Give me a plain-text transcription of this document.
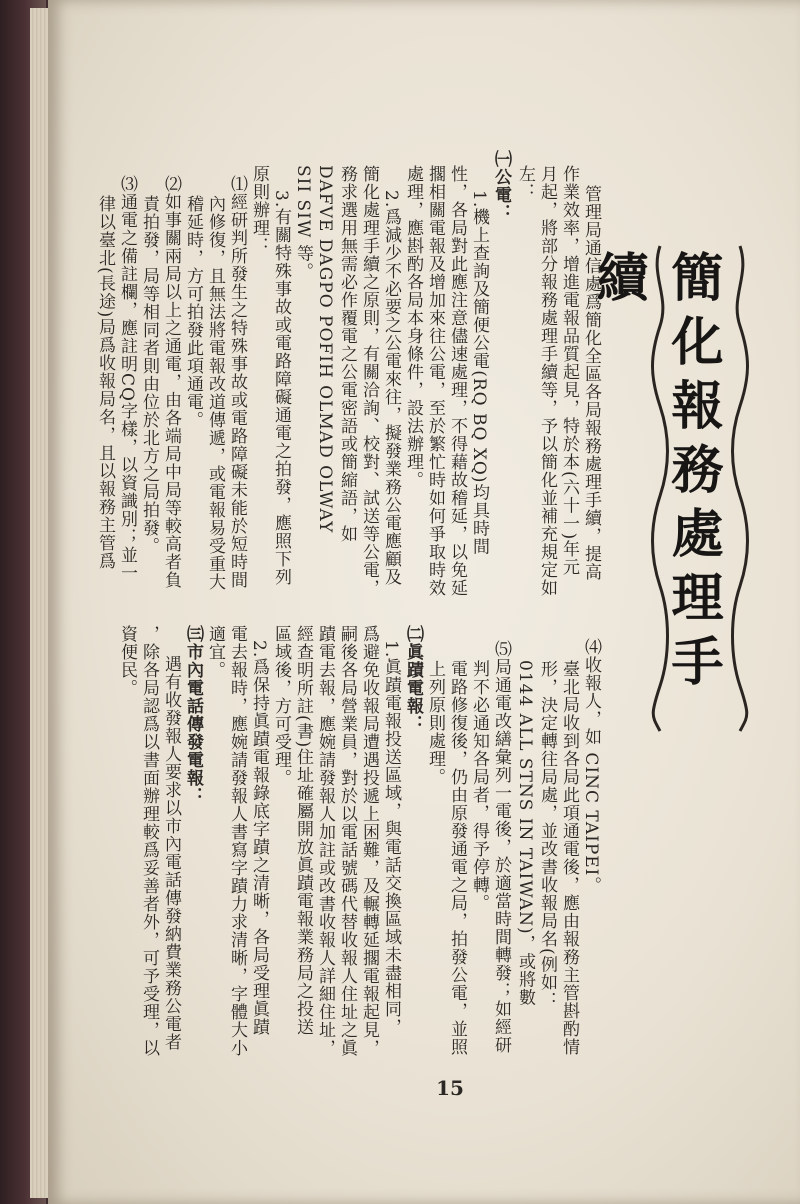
簡化報務處理手續
管理局通信處爲簡化全區各局報務處理手續，提高
作業效率，增進電報品質起見，特於本(六十一)年元
月起，將部分報務處理手續等，予以簡化並補充規定如
左：
㈠公電：
1.機上查詢及簡便公電(RQ BQ XQ)均具時間
性，各局對此應注意儘速處理，不得藉故稽延，以免延
擱相關電報及增加來往公電，至於繁忙時如何爭取時效
處理，應斟酌各局本身條件，設法辦理。
2.爲減少不必要之公電來往，擬發業務公電應顧及
簡化處理手續之原則，有關洽詢、校對、試送等公電，
務求選用無需必作覆電之公電密語或簡縮語，如
DAFVE DAGPO POFIH OLMAD OLWAY
SII SIW 等。
3.有關特殊事故或電路障礙通電之拍發，應照下列
原則辦理：
⑴經研判所發生之特殊事故或電路障礙未能於短時間
內修復，且無法將電報改道傳遞，或電報易受重大
稽延時，方可拍發此項通電。
⑵如事關兩局以上之通電，由各端局中局等較高者負
責拍發，局等相同者則由位於北方之局拍發。
⑶通電之備註欄，應註明CQ字樣，以資識別；並一
律以臺北(長途)局爲收報局名，且以報務主管爲
⑷收報人，如 CINC TAIPEI。
臺北局收到各局此項通電後，應由報務主管斟酌情
形，決定轉往局處，並改書收報局名(例如：
0144 ALL STNS IN TAIWAN)，或將數
⑸局通電改繕彙列一電後，於適當時間轉發；如經研
判不必通知各局者，得予停轉。
電路修復後，仍由原發通電之局，拍發公電，並照
上列原則處理。
㈡眞蹟電報：
1.眞蹟電報投送區域，與電話交換區域未盡相同，
爲避免收報局遭遇投遞上困難，及輾轉延擱電報起見，
嗣後各局營業員，對於以電話號碼代替收報人住址之眞
蹟電去報，應婉請發報人加註或改書收報人詳細住址，
經查明所註(書)住址確屬開放眞蹟電報業務局之投送
區域後，方可受理。
2.爲保持眞蹟電報錄底字蹟之清晰，各局受理眞蹟
電去報時，應婉請發報人書寫字蹟力求清晰，字體大小
適宜。
㈢市內電話傳發電報：
遇有收發報人要求以市內電話傳發納費業務公電者
，除各局認爲以書面辦理較爲妥善者外，可予受理，以
資便民。
15
